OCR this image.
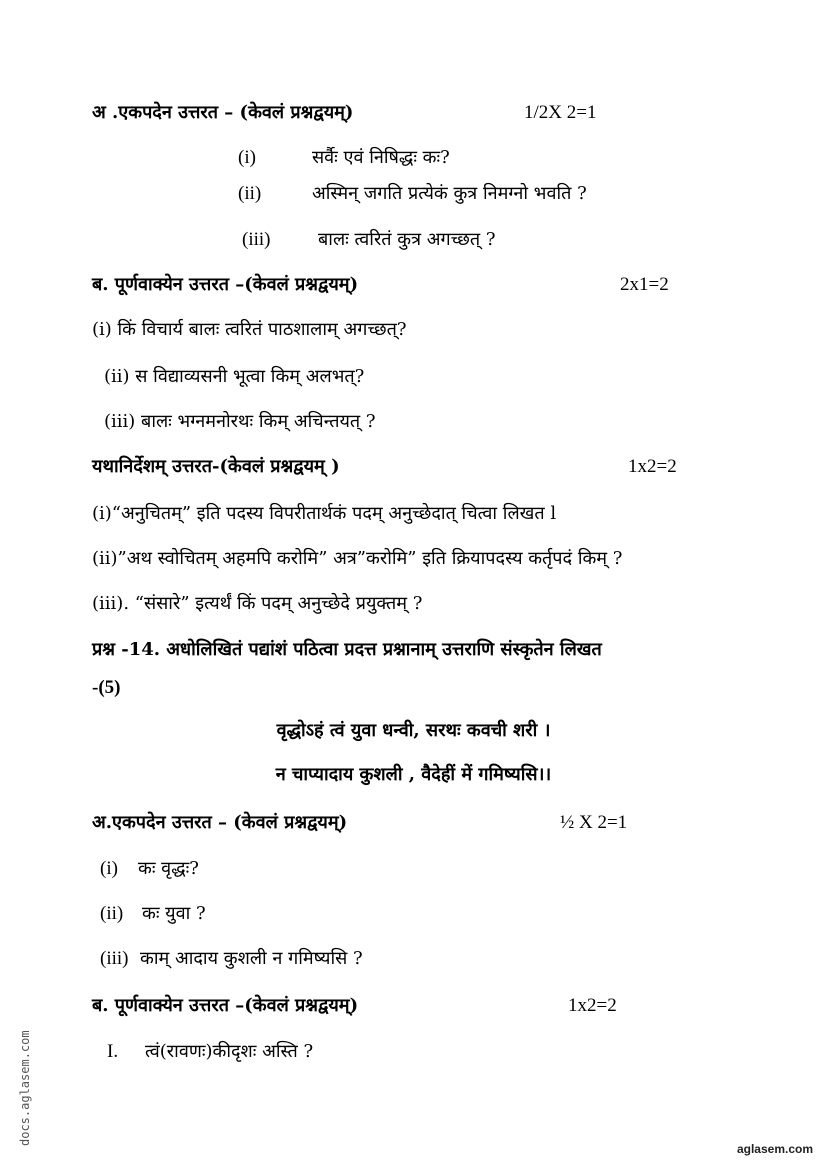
अ .एकपदेन उत्तरत – (केवलं प्रश्नद्वयम्)	1/2X 2=1
(i)	सर्वैः एवं निषिद्धः कः?
(ii)	अस्मिन् जगति प्रत्येकं कुत्र निमग्नो भवति ?
(iii)	बालः त्वरितं कुत्र अगच्छत् ?
ब. पूर्णवाक्येन उत्तरत –(केवलं प्रश्नद्वयम्)	2x1=2
(i) किं विचार्य बालः त्वरितं पाठशालाम् अगच्छत्?
(ii) स विद्याव्यसनी भूत्वा किम् अलभत्?
(iii) बालः भग्नमनोरथः किम् अचिन्तयत् ?
यथानिर्देशम् उत्तरत-(केवलं प्रश्नद्वयम् )	1x2=2
(i)“अनुचितम्” इति पदस्य विपरीतार्थकं पदम् अनुच्छेदात् चित्वा लिखत l
(ii)”अथ स्वोचितम् अहमपि करोमि” अत्र”करोमि” इति क्रियापदस्य कर्तृपदं किम् ?
(iii). “संसारे” इत्यर्थं किं पदम् अनुच्छेदे प्रयुक्तम् ?
प्रश्न -14. अधोलिखितं पद्यांशं पठित्वा प्रदत्त प्रश्नानाम् उत्तराणि संस्कृतेन लिखत
-(5)
वृद्धोऽहं त्वं युवा धन्वी, सरथः कवची शरी ।
न चाप्यादाय कुशली , वैदेहीं में गमिष्यसि।।
अ.एकपदेन उत्तरत – (केवलं प्रश्नद्वयम्)	½ X 2=1
(i) कः वृद्धः?
(ii) कः युवा ?
(iii) काम् आदाय कुशली न गमिष्यसि ?
ब. पूर्णवाक्येन उत्तरत –(केवलं प्रश्नद्वयम्)	1x2=2
I. त्वं(रावणः)कीदृशः अस्ति ?
docs.aglasem.com
aglasem.com
